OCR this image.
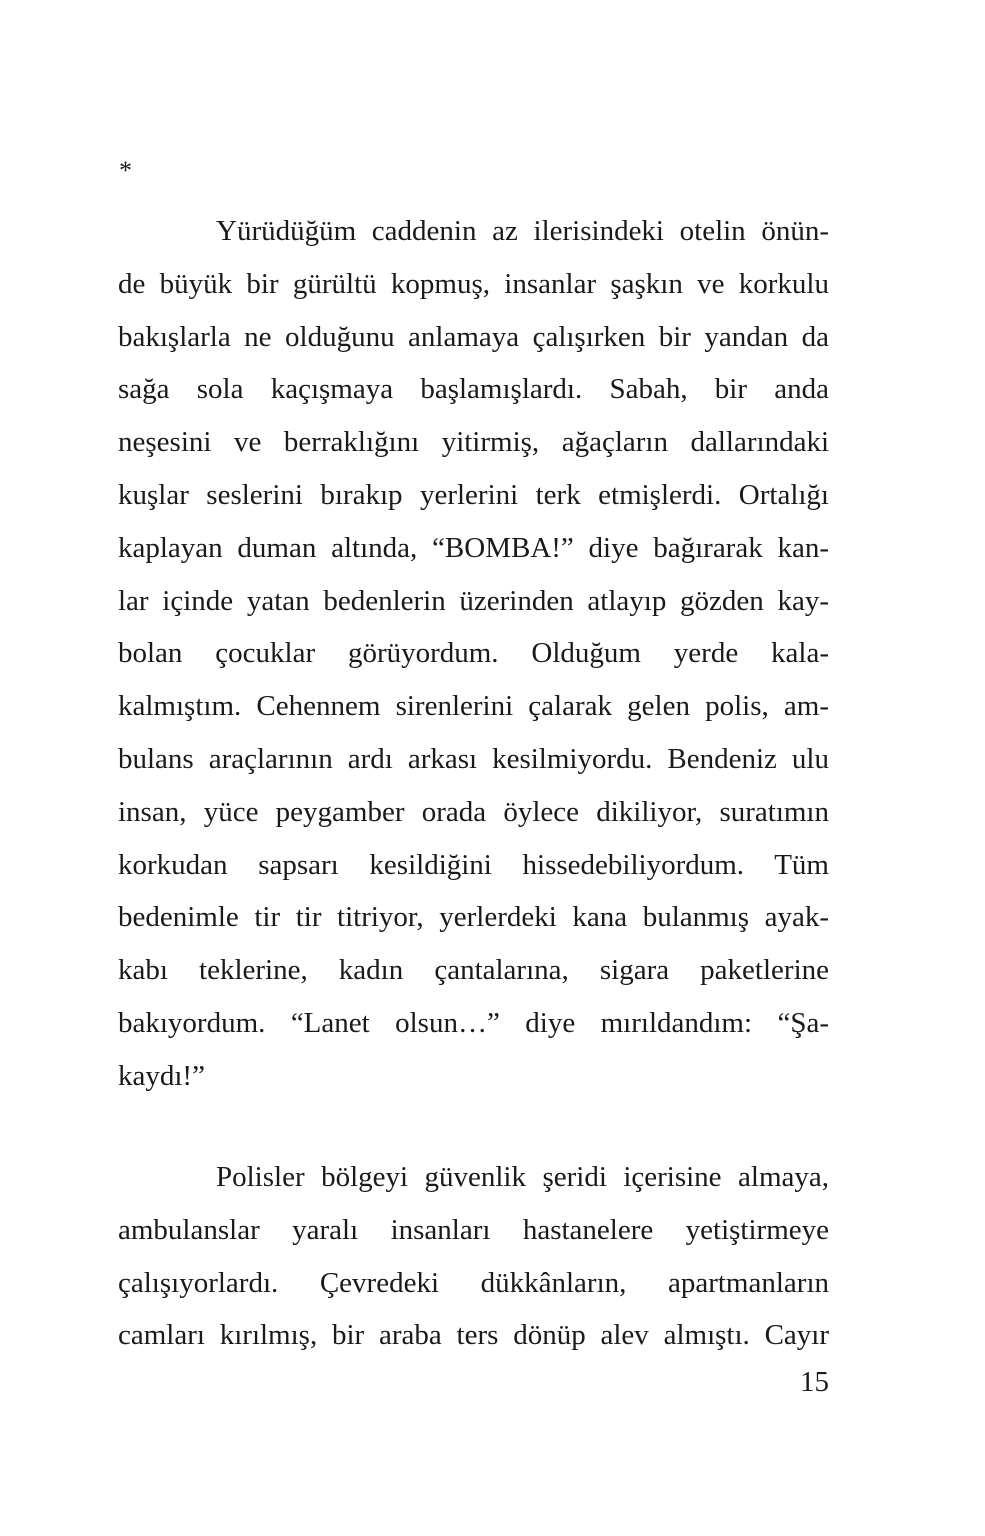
*
Yürüdüğüm caddenin az ilerisindeki otelin önün-
de büyük bir gürültü kopmuş, insanlar şaşkın ve korkulu
bakışlarla ne olduğunu anlamaya çalışırken bir yandan da
sağa sola kaçışmaya başlamışlardı. Sabah, bir anda
neşesini ve berraklığını yitirmiş, ağaçların dallarındaki
kuşlar seslerini bırakıp yerlerini terk etmişlerdi. Ortalığı
kaplayan duman altında, “BOMBA!” diye bağırarak kan-
lar içinde yatan bedenlerin üzerinden atlayıp gözden kay-
bolan çocuklar görüyordum. Olduğum yerde kala-
kalmıştım. Cehennem sirenlerini çalarak gelen polis, am-
bulans araçlarının ardı arkası kesilmiyordu. Bendeniz ulu
insan, yüce peygamber orada öylece dikiliyor, suratımın
korkudan sapsarı kesildiğini hissedebiliyordum. Tüm
bedenimle tir tir titriyor, yerlerdeki kana bulanmış ayak-
kabı teklerine, kadın çantalarına, sigara paketlerine
bakıyordum. “Lanet olsun…” diye mırıldandım: “Şa-
kaydı!”
Polisler bölgeyi güvenlik şeridi içerisine almaya,
ambulanslar yaralı insanları hastanelere yetiştirmeye
çalışıyorlardı. Çevredeki dükkânların, apartmanların
camları kırılmış, bir araba ters dönüp alev almıştı. Cayır
15
